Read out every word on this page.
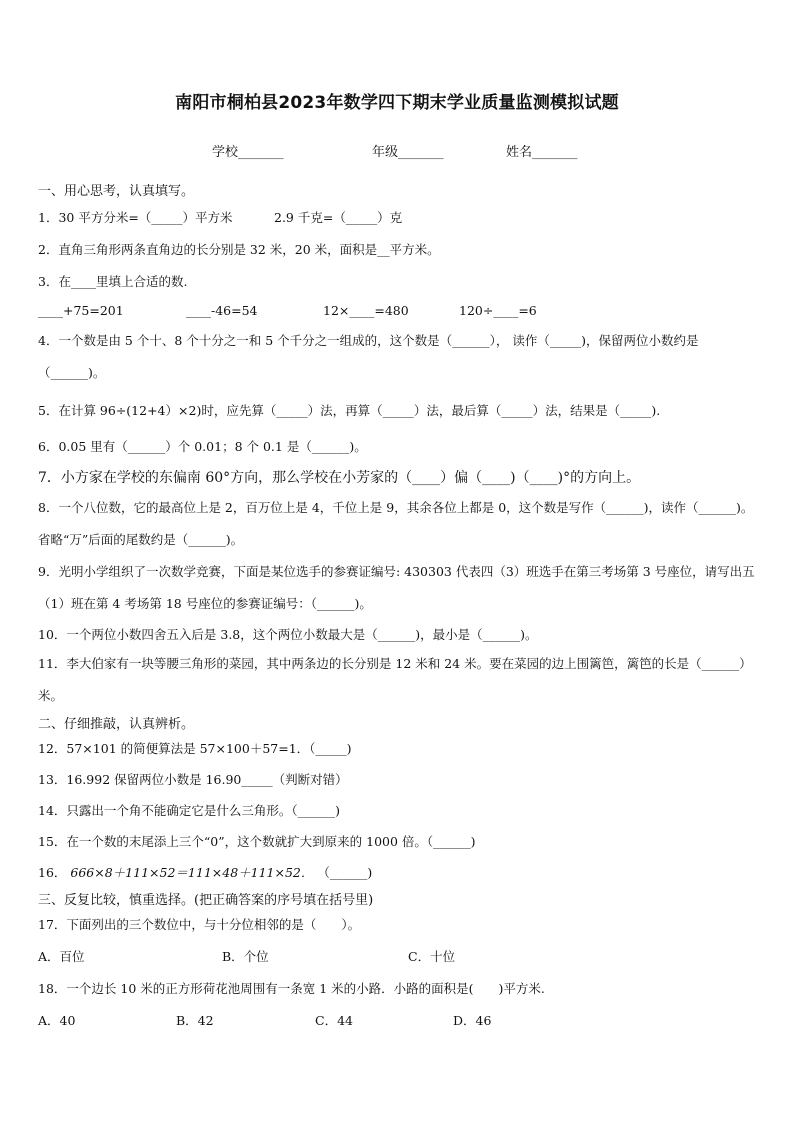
南阳市桐柏县2023年数学四下期末学业质量监测模拟试题
学校_______	年级_______	姓名_______
一、用心思考，认真填写。
1．30 平方分米=（_____）平方米	2.9 千克=（_____）克
2．直角三角形两条直角边的长分别是 32 米，20 米，面积是__平方米。
3．在____里填上合适的数.
____+75=201	____-46=54	12×____=480	120÷____=6
4．一个数是由 5 个十、8 个十分之一和 5 个千分之一组成的，这个数是（______）， 读作（_____)，保留两位小数约是（______)。
5．在计算 96÷(12+4）×2)时，应先算（_____）法，再算（_____）法，最后算（_____）法，结果是（_____).
6．0.05 里有（______）个 0.01；8 个 0.1 是（______)。
7．小方家在学校的东偏南 60°方向，那么学校在小芳家的（____）偏（____)（____)°的方向上。
8．一个八位数，它的最高位上是 2，百万位上是 4，千位上是 9，其余各位上都是 0，这个数是写作（______)，读作（______)。省略“万”后面的尾数约是（______)。
9．光明小学组织了一次数学竞赛，下面是某位选手的参赛证编号: 430303 代表四（3）班选手在第三考场第 3 号座位，请写出五（1）班在第 4 考场第 18 号座位的参赛证编号：（______)。
10．一个两位小数四舍五入后是 3.8，这个两位小数最大是（______)，最小是（______)。
11．李大伯家有一块等腰三角形的菜园，其中两条边的长分别是 12 米和 24 米。要在菜园的边上围篱笆，篱笆的长是（______）米。
二、仔细推敲，认真辨析。
12．57×101 的简便算法是 57×100＋57=1．（_____)
13．16.992 保留两位小数是 16.90_____（判断对错）
14．只露出一个角不能确定它是什么三角形。（______)
15．在一个数的末尾添上三个“0”，这个数就扩大到原来的 1000 倍。（______)
16． 666×8＋111×52＝111×48＋111×52． （______)
三、反复比较，慎重选择。(把正确答案的序号填在括号里)
17．下面列出的三个数位中，与十分位相邻的是（　　）。
A．百位	B．个位	C．十位
18．一个边长 10 米的正方形荷花池周围有一条宽 1 米的小路．小路的面积是(　　)平方米.
A．40	B．42	C．44	D．46
